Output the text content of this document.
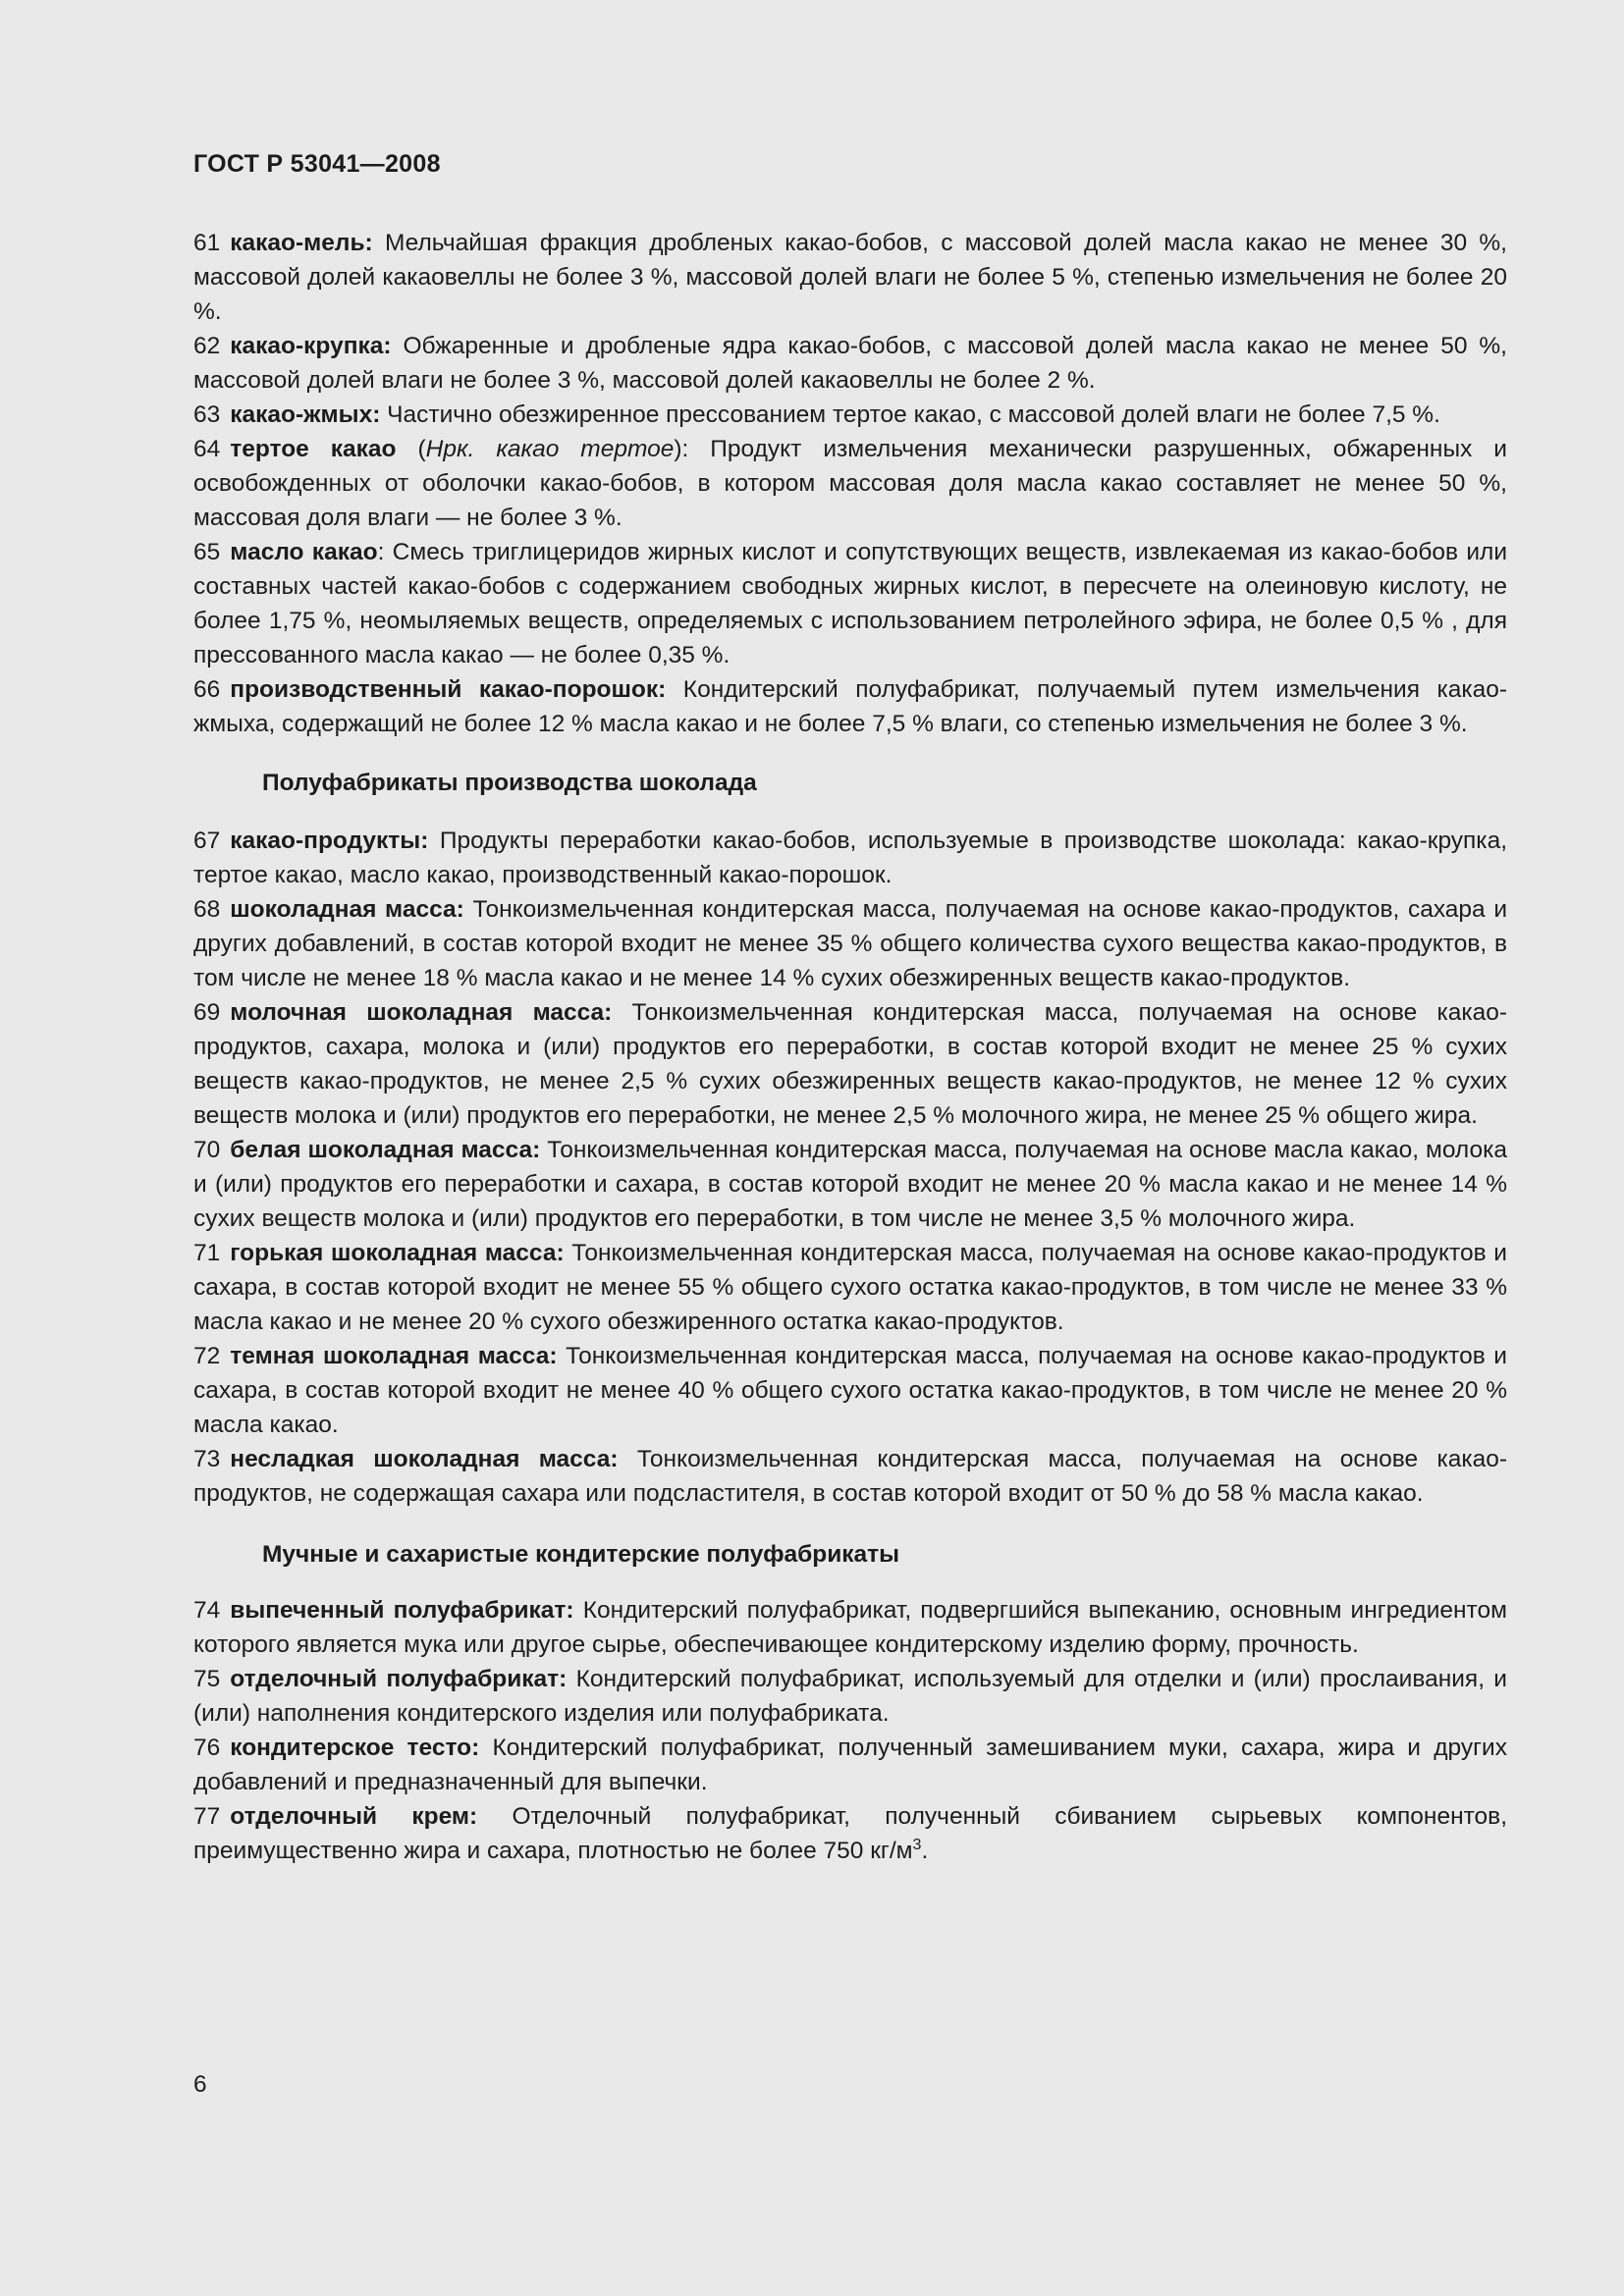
ГОСТ Р 53041—2008

61 какао-мель: Мельчайшая фракция дробленых какао-бобов, с массовой долей масла какао не менее 30 %, массовой долей какаовеллы не более 3 %, массовой долей влаги не более 5 %, степенью измельчения не более 20 %.

62 какао-крупка: Обжаренные и дробленые ядра какао-бобов, с массовой долей масла какао не менее 50 %, массовой долей влаги не более 3 %, массовой долей какаовеллы не более 2 %.

63 какао-жмых: Частично обезжиренное прессованием тертое какао, с массовой долей влаги не более 7,5 %.

64 тертое какао (Нрк. какао тертое): Продукт измельчения механически разрушенных, обжаренных и освобожденных от оболочки какао-бобов, в котором массовая доля масла какао составляет не менее 50 %, массовая доля влаги — не более 3 %.

65 масло какао: Смесь триглицеридов жирных кислот и сопутствующих веществ, извлекаемая из какао-бобов или составных частей какао-бобов с содержанием свободных жирных кислот, в пересчете на олеиновую кислоту, не более 1,75 %, неомыляемых веществ, определяемых с использованием петролейного эфира, не более 0,5 % , для прессованного масла какао — не более 0,35 %.

66 производственный какао-порошок: Кондитерский полуфабрикат, получаемый путем измельчения какао-жмыха, содержащий не более 12 % масла какао и не более 7,5 % влаги, со степенью измельчения не более 3 %.

Полуфабрикаты производства шоколада

67 какао-продукты: Продукты переработки какао-бобов, используемые в производстве шоколада: какао-крупка, тертое какао, масло какао, производственный какао-порошок.

68 шоколадная масса: Тонкоизмельченная кондитерская масса, получаемая на основе какао-продуктов, сахара и других добавлений, в состав которой входит не менее 35 % общего количества сухого вещества какао-продуктов, в том числе не менее 18 % масла какао и не менее 14 % сухих обезжиренных веществ какао-продуктов.

69 молочная шоколадная масса: Тонкоизмельченная кондитерская масса, получаемая на основе какао-продуктов, сахара, молока и (или) продуктов его переработки, в состав которой входит не менее 25 % сухих веществ какао-продуктов, не менее 2,5 % сухих обезжиренных веществ какао-продуктов, не менее 12 % сухих веществ молока и (или) продуктов его переработки, не менее 2,5 % молочного жира, не менее 25 % общего жира.

70 белая шоколадная масса: Тонкоизмельченная кондитерская масса, получаемая на основе масла какао, молока и (или) продуктов его переработки и сахара, в состав которой входит не менее 20 % масла какао и не менее 14 % сухих веществ молока и (или) продуктов его переработки, в том числе не менее 3,5 % молочного жира.

71 горькая шоколадная масса: Тонкоизмельченная кондитерская масса, получаемая на основе какао-продуктов и сахара, в состав которой входит не менее 55 % общего сухого остатка какао-продуктов, в том числе не менее 33 % масла какао и не менее 20 % сухого обезжиренного остатка какао-продуктов.

72 темная шоколадная масса: Тонкоизмельченная кондитерская масса, получаемая на основе какао-продуктов и сахара, в состав которой входит не менее 40 % общего сухого остатка какао-продуктов, в том числе не менее 20 % масла какао.

73 несладкая шоколадная масса: Тонкоизмельченная кондитерская масса, получаемая на основе какао-продуктов, не содержащая сахара или подсластителя, в состав которой входит от 50 % до 58 % масла какао.

Мучные и сахаристые кондитерские полуфабрикаты

74 выпеченный полуфабрикат: Кондитерский полуфабрикат, подвергшийся выпеканию, основным ингредиентом которого является мука или другое сырье, обеспечивающее кондитерскому изделию форму, прочность.

75 отделочный полуфабрикат: Кондитерский полуфабрикат, используемый для отделки и (или) прослаивания, и (или) наполнения кондитерского изделия или полуфабриката.

76 кондитерское тесто: Кондитерский полуфабрикат, полученный замешиванием муки, сахара, жира и других добавлений и предназначенный для выпечки.

77 отделочный крем: Отделочный полуфабрикат, полученный сбиванием сырьевых компонентов, преимущественно жира и сахара, плотностью не более 750 $кг/м^3$.

6
